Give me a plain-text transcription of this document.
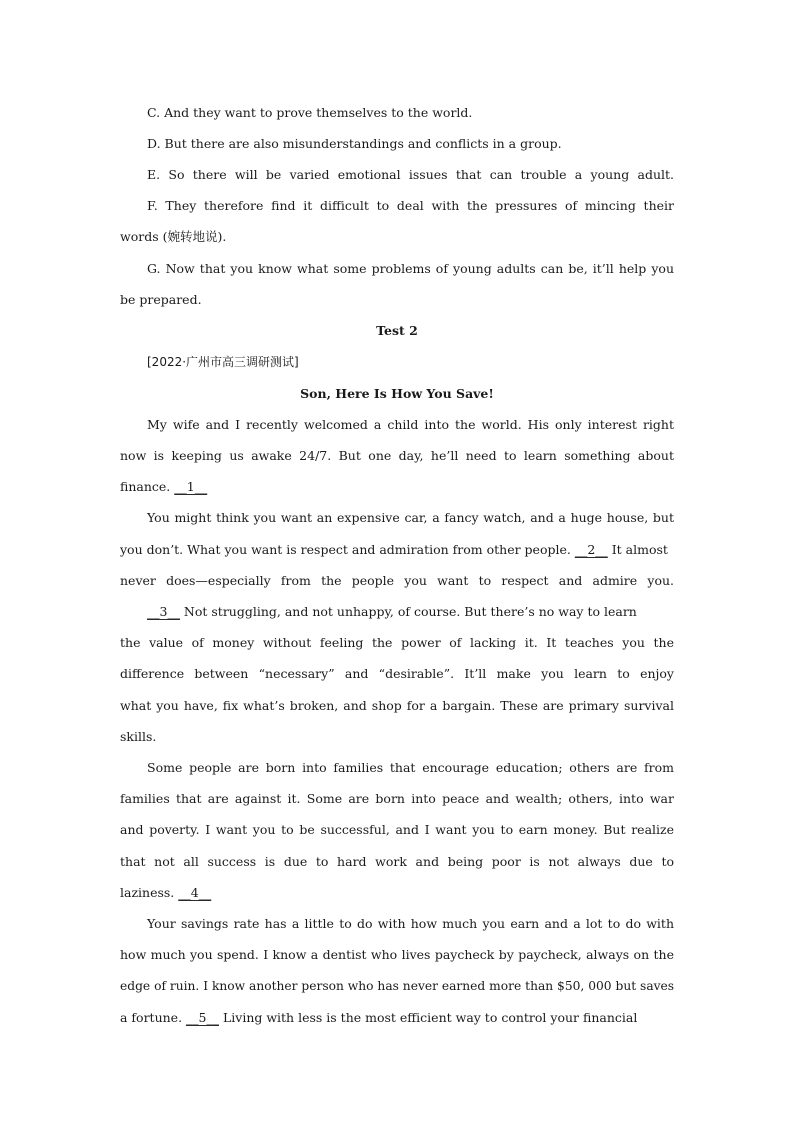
C. And they want to prove themselves to the world.

D. But there are also misunderstandings and conflicts in a group.

E. So there will be varied emotional issues that can trouble a young adult.

F. They therefore find it difficult to deal with the pressures of mincing their

words (婉转地说).

G. Now that you know what some problems of young adults can be, it’ll help you

be prepared.

Test 2

[2022·广州市高三调研测试]

Son, Here Is How You Save!

My wife and I recently welcomed a child into the world. His only interest right

now is keeping us awake 24/7. But one day, he’ll need to learn something about

finance. __1__

You might think you want an expensive car, a fancy watch, and a huge house, but

you don’t. What you want is respect and admiration from other people. __2__ It almost

never does—especially from the people you want to respect and admire you.

__3__ Not struggling, and not unhappy, of course. But there’s no way to learn

the value of money without feeling the power of lacking it. It teaches you the

difference between “necessary” and “desirable”. It’ll make you learn to enjoy

what you have, fix what’s broken, and shop for a bargain. These are primary survival

skills.

Some people are born into families that encourage education; others are from

families that are against it. Some are born into peace and wealth; others, into war

and poverty. I want you to be successful, and I want you to earn money. But realize

that not all success is due to hard work and being poor is not always due to

laziness. __4__

Your savings rate has a little to do with how much you earn and a lot to do with

how much you spend. I know a dentist who lives paycheck by paycheck, always on the

edge of ruin. I know another person who has never earned more than $50, 000 but saves

a fortune. __5__ Living with less is the most efficient way to control your financial
